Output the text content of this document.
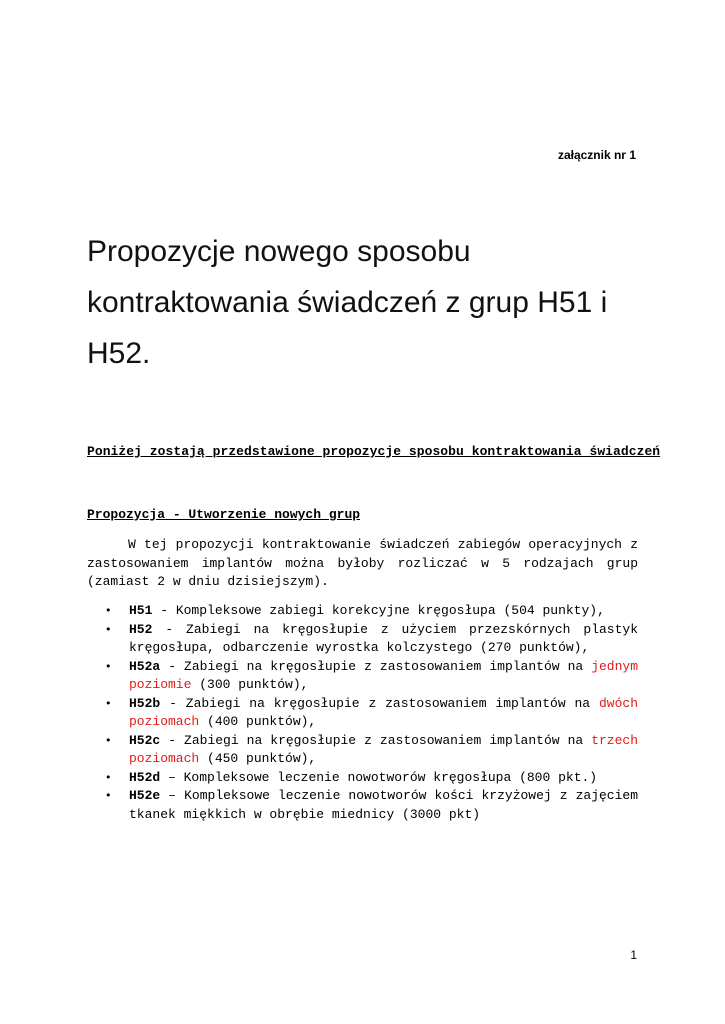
załącznik nr 1
Propozycje nowego sposobu kontraktowania świadczeń z grup H51 i H52.
Poniżej zostają przedstawione propozycje sposobu kontraktowania świadczeń
Propozycja - Utworzenie nowych grup

W tej propozycji kontraktowanie świadczeń zabiegów operacyjnych z zastosowaniem implantów można byłoby rozliczać w 5 rodzajach grup (zamiast 2 w dniu dzisiejszym).

• H51 - Kompleksowe zabiegi korekcyjne kręgosłupa (504 punkty),
• H52 - Zabiegi na kręgosłupie z użyciem przezskórnych plastyk kręgosłupa, odbarczenie wyrostka kolczystego (270 punktów),
• H52a - Zabiegi na kręgosłupie z zastosowaniem implantów na jednym poziomie (300 punktów),
• H52b - Zabiegi na kręgosłupie z zastosowaniem implantów na dwóch poziomach (400 punktów),
• H52c - Zabiegi na kręgosłupie z zastosowaniem implantów na trzech poziomach (450 punktów),
• H52d – Kompleksowe leczenie nowotworów kręgosłupa (800 pkt.)
• H52e – Kompleksowe leczenie nowotworów kości krzyżowej z zajęciem tkanek miękkich w obrębie miednicy (3000 pkt)
1
